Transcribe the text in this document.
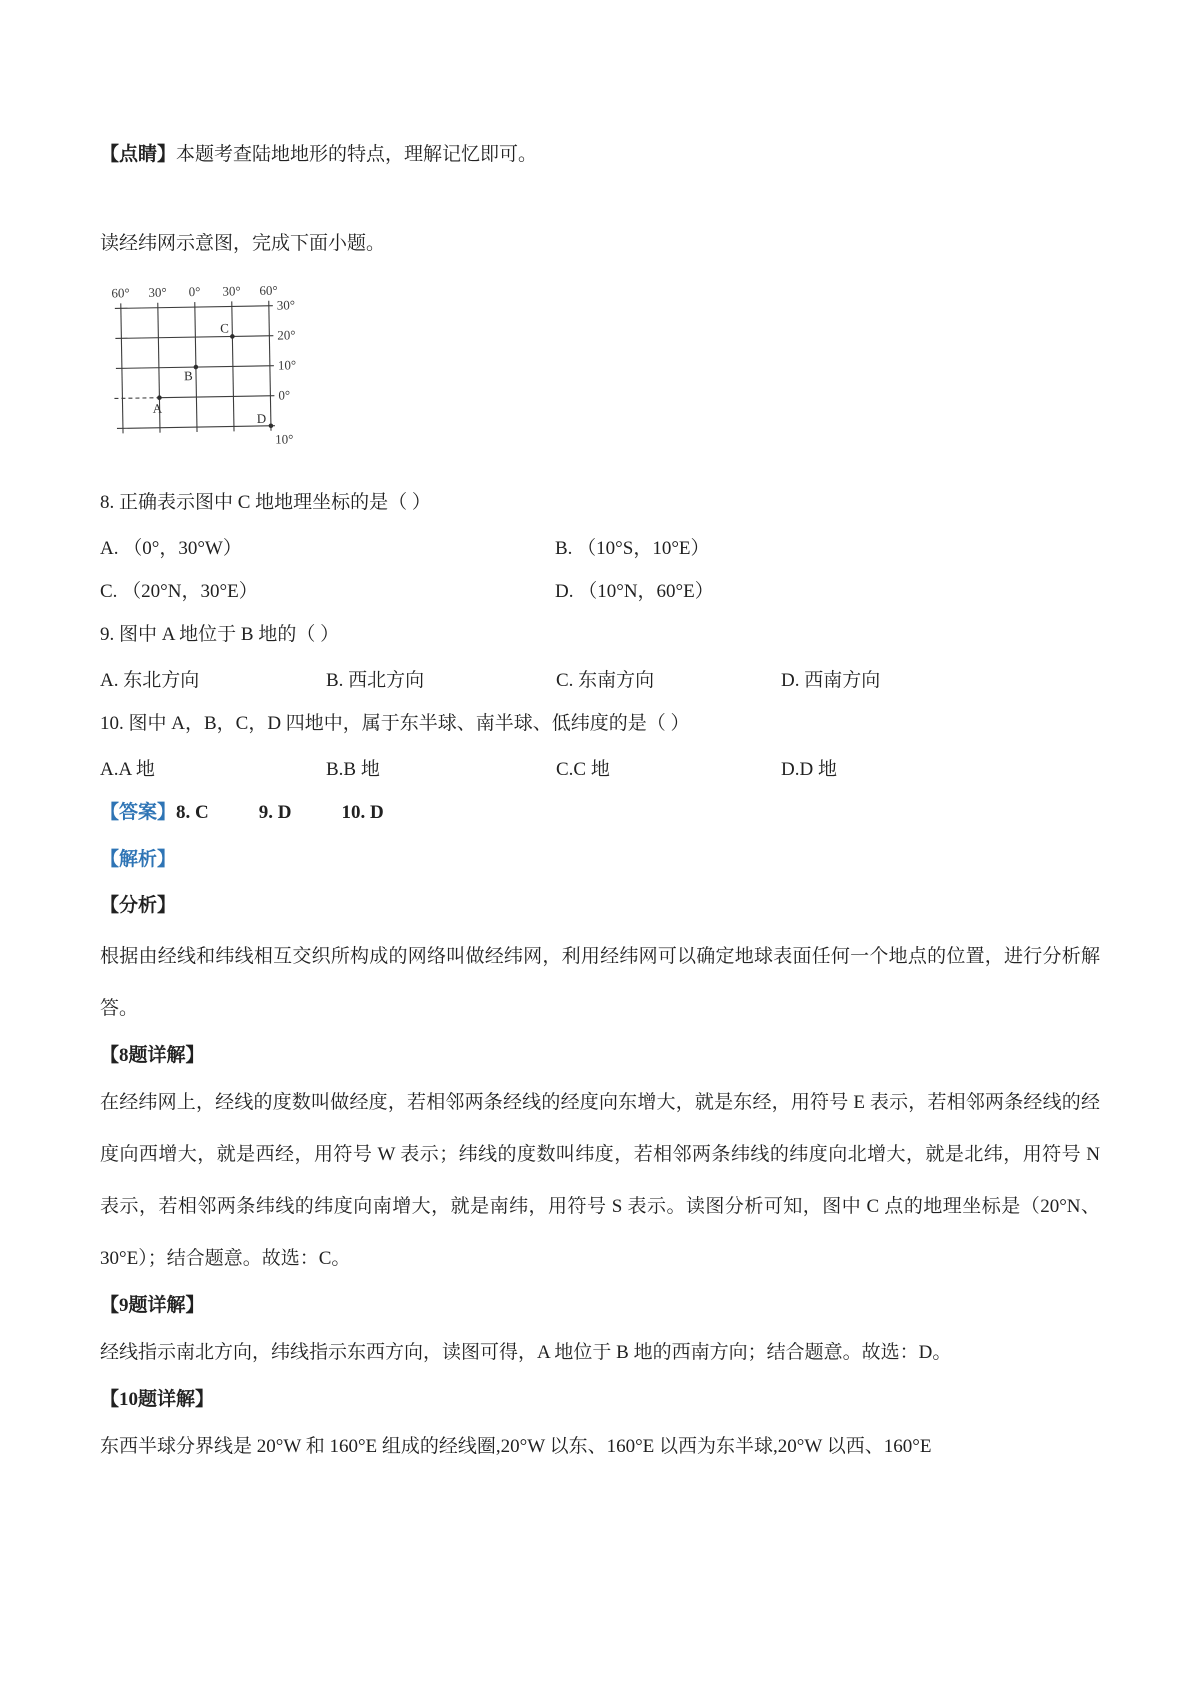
【点睛】本题考查陆地地形的特点，理解记忆即可。

读经纬网示意图，完成下面小题。

60° 30° 0° 30° 60°
30°
20°
10°
0°
10°
A
B
C
D

8. 正确表示图中 C 地地理坐标的是（ ）

A. （0°，30°W）	B. （10°S，10°E）
C. （20°N，30°E）	D. （10°N，60°E）

9. 图中 A 地位于 B 地的（ ）

A. 东北方向	B. 西北方向	C. 东南方向	D. 西南方向

10. 图中 A，B，C，D 四地中，属于东半球、南半球、低纬度的是（ ）

A.A 地	B.B 地	C.C 地	D.D 地

【答案】8. C	9. D	10. D

【解析】
【分析】

根据由经线和纬线相互交织所构成的网络叫做经纬网，利用经纬网可以确定地球表面任何一个地点的位置，进行分析解答。

【8题详解】

在经纬网上，经线的度数叫做经度，若相邻两条经线的经度向东增大，就是东经，用符号 E 表示，若相邻两条经线的经度向西增大，就是西经，用符号 W 表示；纬线的度数叫纬度，若相邻两条纬线的纬度向北增大，就是北纬，用符号 N 表示，若相邻两条纬线的纬度向南增大，就是南纬，用符号 S 表示。读图分析可知，图中 C 点的地理坐标是（20°N、30°E）；结合题意。故选：C。

【9题详解】

经线指示南北方向，纬线指示东西方向，读图可得，A 地位于 B 地的西南方向；结合题意。故选：D。

【10题详解】

东西半球分界线是 20°W 和 160°E 组成的经线圈,20°W 以东、160°E 以西为东半球,20°W 以西、160°E
